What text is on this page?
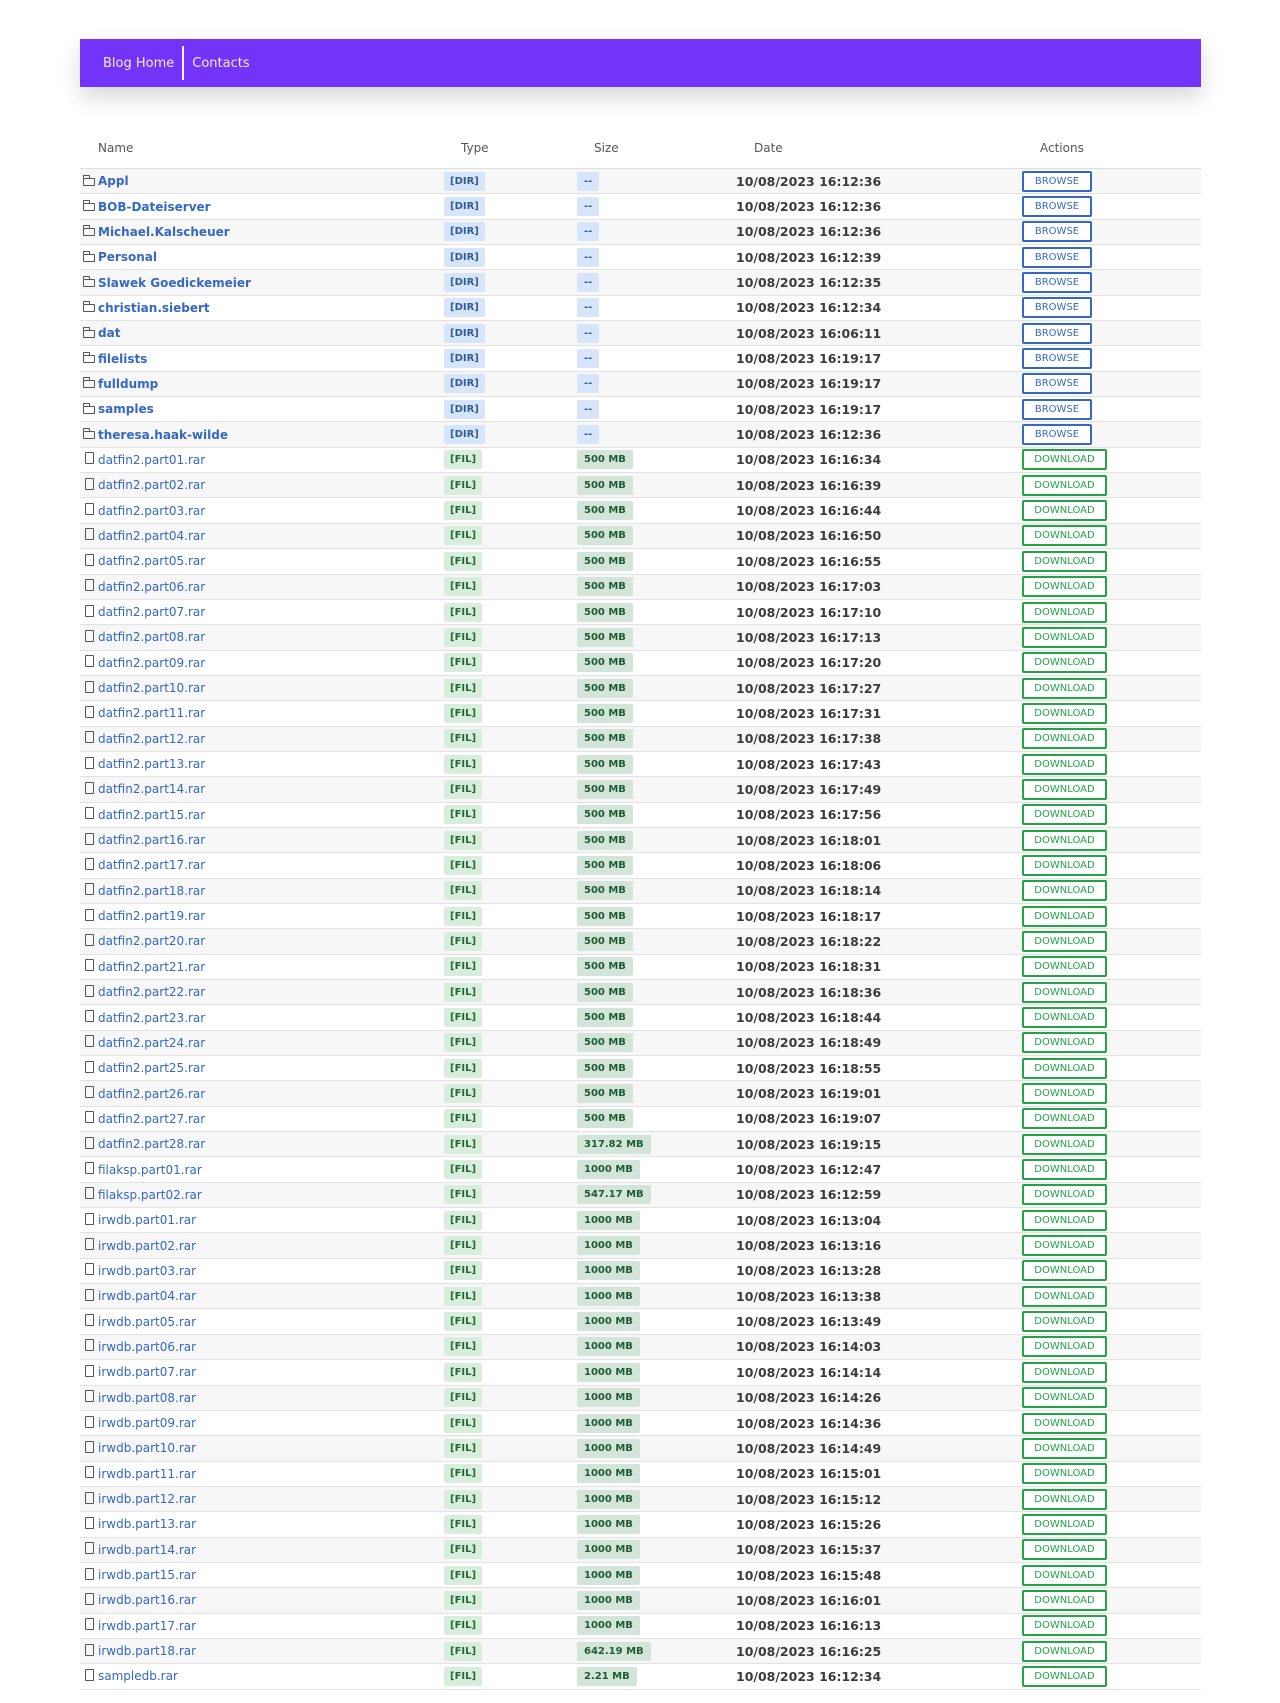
Blog Home	Contacts
	Name	Type	Size	Date	Actions
	Appl	[DIR]	--	10/08/2023 16:12:36	BROWSE
	BOB-Dateiserver	[DIR]	--	10/08/2023 16:12:36	BROWSE
	Michael.Kalscheuer	[DIR]	--	10/08/2023 16:12:36	BROWSE
	Personal	[DIR]	--	10/08/2023 16:12:39	BROWSE
	Slawek Goedickemeier	[DIR]	--	10/08/2023 16:12:35	BROWSE
	christian.siebert	[DIR]	--	10/08/2023 16:12:34	BROWSE
	dat	[DIR]	--	10/08/2023 16:06:11	BROWSE
	filelists	[DIR]	--	10/08/2023 16:19:17	BROWSE
	fulldump	[DIR]	--	10/08/2023 16:19:17	BROWSE
	samples	[DIR]	--	10/08/2023 16:19:17	BROWSE
	theresa.haak-wilde	[DIR]	--	10/08/2023 16:12:36	BROWSE
	datfin2.part01.rar	[FIL]	500 MB	10/08/2023 16:16:34	DOWNLOAD
	datfin2.part02.rar	[FIL]	500 MB	10/08/2023 16:16:39	DOWNLOAD
	datfin2.part03.rar	[FIL]	500 MB	10/08/2023 16:16:44	DOWNLOAD
	datfin2.part04.rar	[FIL]	500 MB	10/08/2023 16:16:50	DOWNLOAD
	datfin2.part05.rar	[FIL]	500 MB	10/08/2023 16:16:55	DOWNLOAD
	datfin2.part06.rar	[FIL]	500 MB	10/08/2023 16:17:03	DOWNLOAD
	datfin2.part07.rar	[FIL]	500 MB	10/08/2023 16:17:10	DOWNLOAD
	datfin2.part08.rar	[FIL]	500 MB	10/08/2023 16:17:13	DOWNLOAD
	datfin2.part09.rar	[FIL]	500 MB	10/08/2023 16:17:20	DOWNLOAD
	datfin2.part10.rar	[FIL]	500 MB	10/08/2023 16:17:27	DOWNLOAD
	datfin2.part11.rar	[FIL]	500 MB	10/08/2023 16:17:31	DOWNLOAD
	datfin2.part12.rar	[FIL]	500 MB	10/08/2023 16:17:38	DOWNLOAD
	datfin2.part13.rar	[FIL]	500 MB	10/08/2023 16:17:43	DOWNLOAD
	datfin2.part14.rar	[FIL]	500 MB	10/08/2023 16:17:49	DOWNLOAD
	datfin2.part15.rar	[FIL]	500 MB	10/08/2023 16:17:56	DOWNLOAD
	datfin2.part16.rar	[FIL]	500 MB	10/08/2023 16:18:01	DOWNLOAD
	datfin2.part17.rar	[FIL]	500 MB	10/08/2023 16:18:06	DOWNLOAD
	datfin2.part18.rar	[FIL]	500 MB	10/08/2023 16:18:14	DOWNLOAD
	datfin2.part19.rar	[FIL]	500 MB	10/08/2023 16:18:17	DOWNLOAD
	datfin2.part20.rar	[FIL]	500 MB	10/08/2023 16:18:22	DOWNLOAD
	datfin2.part21.rar	[FIL]	500 MB	10/08/2023 16:18:31	DOWNLOAD
	datfin2.part22.rar	[FIL]	500 MB	10/08/2023 16:18:36	DOWNLOAD
	datfin2.part23.rar	[FIL]	500 MB	10/08/2023 16:18:44	DOWNLOAD
	datfin2.part24.rar	[FIL]	500 MB	10/08/2023 16:18:49	DOWNLOAD
	datfin2.part25.rar	[FIL]	500 MB	10/08/2023 16:18:55	DOWNLOAD
	datfin2.part26.rar	[FIL]	500 MB	10/08/2023 16:19:01	DOWNLOAD
	datfin2.part27.rar	[FIL]	500 MB	10/08/2023 16:19:07	DOWNLOAD
	datfin2.part28.rar	[FIL]	317.82 MB	10/08/2023 16:19:15	DOWNLOAD
	filaksp.part01.rar	[FIL]	1000 MB	10/08/2023 16:12:47	DOWNLOAD
	filaksp.part02.rar	[FIL]	547.17 MB	10/08/2023 16:12:59	DOWNLOAD
	irwdb.part01.rar	[FIL]	1000 MB	10/08/2023 16:13:04	DOWNLOAD
	irwdb.part02.rar	[FIL]	1000 MB	10/08/2023 16:13:16	DOWNLOAD
	irwdb.part03.rar	[FIL]	1000 MB	10/08/2023 16:13:28	DOWNLOAD
	irwdb.part04.rar	[FIL]	1000 MB	10/08/2023 16:13:38	DOWNLOAD
	irwdb.part05.rar	[FIL]	1000 MB	10/08/2023 16:13:49	DOWNLOAD
	irwdb.part06.rar	[FIL]	1000 MB	10/08/2023 16:14:03	DOWNLOAD
	irwdb.part07.rar	[FIL]	1000 MB	10/08/2023 16:14:14	DOWNLOAD
	irwdb.part08.rar	[FIL]	1000 MB	10/08/2023 16:14:26	DOWNLOAD
	irwdb.part09.rar	[FIL]	1000 MB	10/08/2023 16:14:36	DOWNLOAD
	irwdb.part10.rar	[FIL]	1000 MB	10/08/2023 16:14:49	DOWNLOAD
	irwdb.part11.rar	[FIL]	1000 MB	10/08/2023 16:15:01	DOWNLOAD
	irwdb.part12.rar	[FIL]	1000 MB	10/08/2023 16:15:12	DOWNLOAD
	irwdb.part13.rar	[FIL]	1000 MB	10/08/2023 16:15:26	DOWNLOAD
	irwdb.part14.rar	[FIL]	1000 MB	10/08/2023 16:15:37	DOWNLOAD
	irwdb.part15.rar	[FIL]	1000 MB	10/08/2023 16:15:48	DOWNLOAD
	irwdb.part16.rar	[FIL]	1000 MB	10/08/2023 16:16:01	DOWNLOAD
	irwdb.part17.rar	[FIL]	1000 MB	10/08/2023 16:16:13	DOWNLOAD
	irwdb.part18.rar	[FIL]	642.19 MB	10/08/2023 16:16:25	DOWNLOAD
	sampledb.rar	[FIL]	2.21 MB	10/08/2023 16:12:34	DOWNLOAD
